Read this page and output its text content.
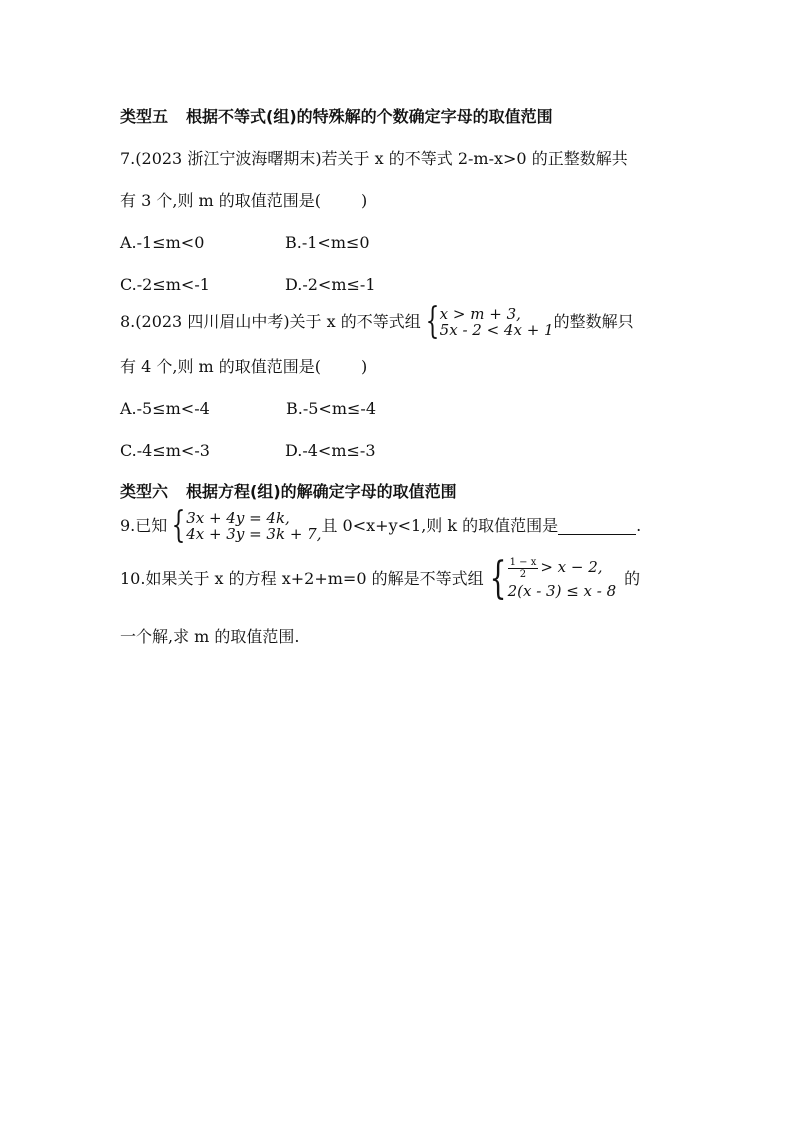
类型五 根据不等式(组)的特殊解的个数确定字母的取值范围
7.(2023 浙江宁波海曙期末)若关于 x 的不等式 2-m-x>0 的正整数解共
有 3 个,则 m 的取值范围是(	)
A.-1≤m<0	B.-1<m≤0
C.-2≤m<-1	D.-2<m≤-1
8.(2023 四川眉山中考)关于 x 的不等式组 { x > m + 3,
5x - 2 < 4x + 1 的整数解只
有 4 个,则 m 的取值范围是(	)
A.-5≤m<-4	B.-5<m≤-4
C.-4≤m<-3	D.-4<m≤-3
类型六 根据方程(组)的解确定字母的取值范围
9.已知 { 3x + 4y = 4k,
4x + 3y = 3k + 7, 且 0<x+y<1,则 k 的取值范围是	.
10.如果关于 x 的方程 x+2+m=0 的解是不等式组 { $\frac{1 - x}{2} > x - 2$,
2(x - 3) ≤ x - 8
的
一个解,求 m 的取值范围.
